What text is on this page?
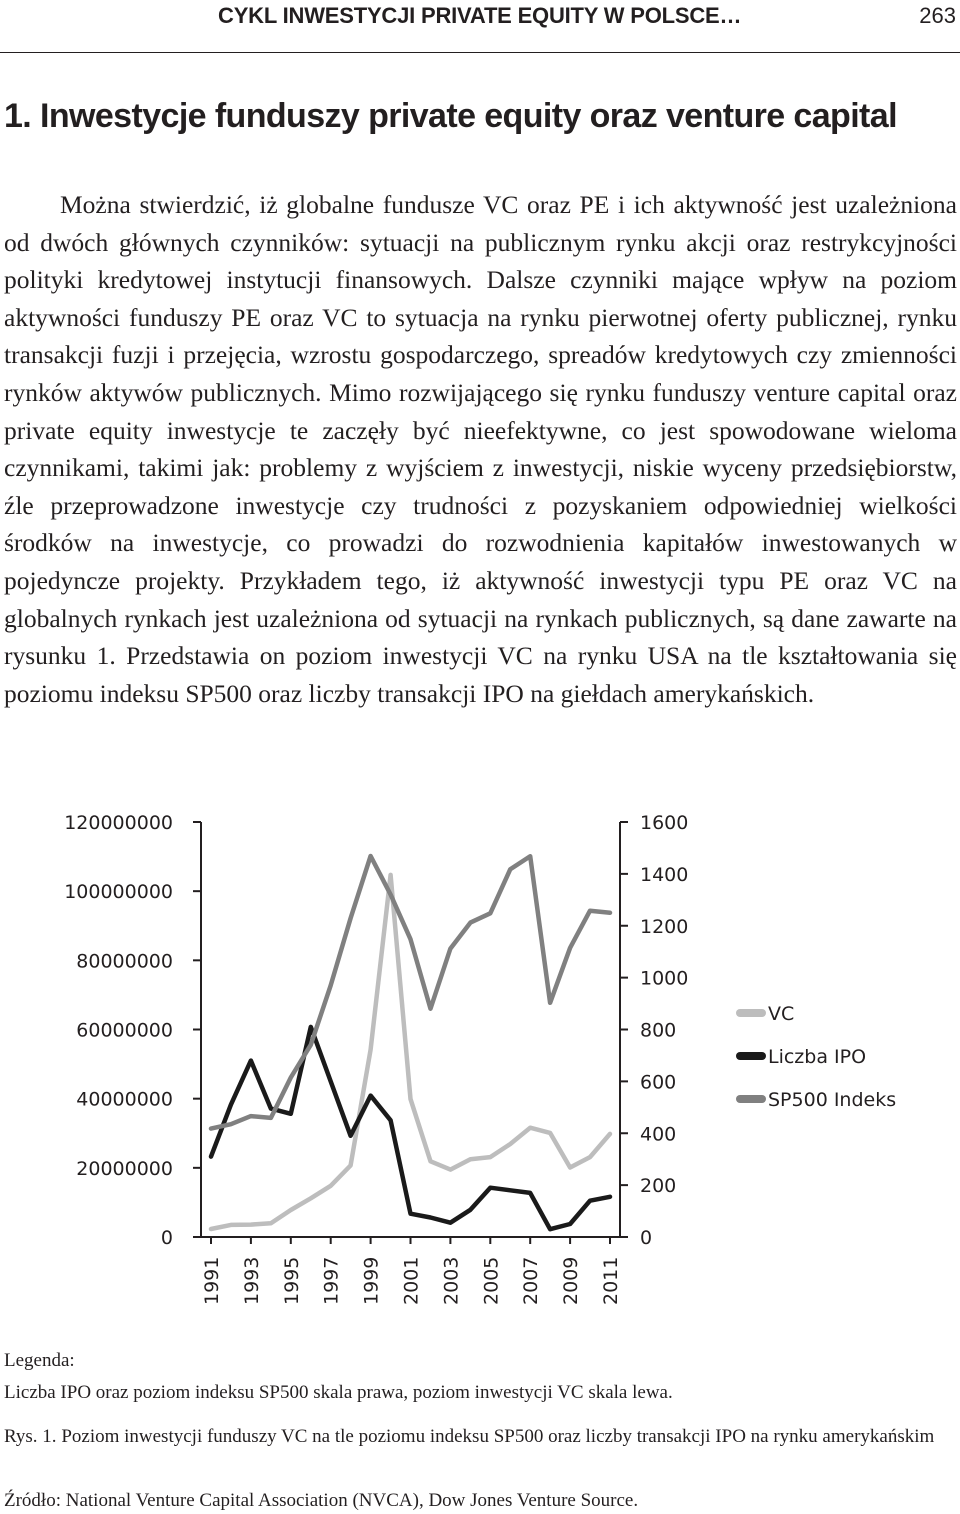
CYKL INWESTYCJI PRIVATE EQUITY W POLSCE…	263
1. Inwestycje funduszy private equity oraz venture capital

Można stwierdzić, iż globalne fundusze VC oraz PE i ich aktywność jest uzależniona od dwóch głównych czynników: sytuacji na publicznym rynku akcji oraz restrykcyjności polityki kredytowej instytucji finansowych. Dalsze czynniki mające wpływ na poziom aktywności funduszy PE oraz VC to sytuacja na rynku pierwotnej oferty publicznej, rynku transakcji fuzji i przejęcia, wzrostu gospodarczego, spreadów kredytowych czy zmienności rynków aktywów publicznych. Mimo rozwijającego się rynku funduszy venture capital oraz private equity inwestycje te zaczęły być nieefektywne, co jest spowodowane wieloma czynnikami, takimi jak: problemy z wyjściem z inwestycji, niskie wyceny przedsiębiorstw, źle przeprowadzone inwestycje czy trudności z pozyskaniem odpowiedniej wielkości środków na inwestycje, co prowadzi do rozwodnienia kapitałów inwestowanych w pojedyncze projekty. Przykładem tego, iż aktywność inwestycji typu PE oraz VC na globalnych rynkach jest uzależniona od sytuacji na rynkach publicznych, są dane zawarte na rysunku 1. Przedstawia on poziom inwestycji VC na rynku USA na tle kształtowania się poziomu indeksu SP500 oraz liczby transakcji IPO na giełdach amerykańskich.

120000000
100000000
80000000
60000000
40000000
20000000
0
1600
1400
1200
1000
800
600
400
200
0
1991 1993 1995 1997 1999 2001 2003 2005 2007 2009 2011
VC
Liczba IPO
SP500 Indeks

Legenda:

Liczba IPO oraz poziom indeksu SP500 skala prawa, poziom inwestycji VC skala lewa.

Rys. 1. Poziom inwestycji funduszy VC na tle poziomu indeksu SP500 oraz liczby transakcji IPO na rynku amerykańskim

Źródło: National Venture Capital Association (NVCA), Dow Jones Venture Source.
